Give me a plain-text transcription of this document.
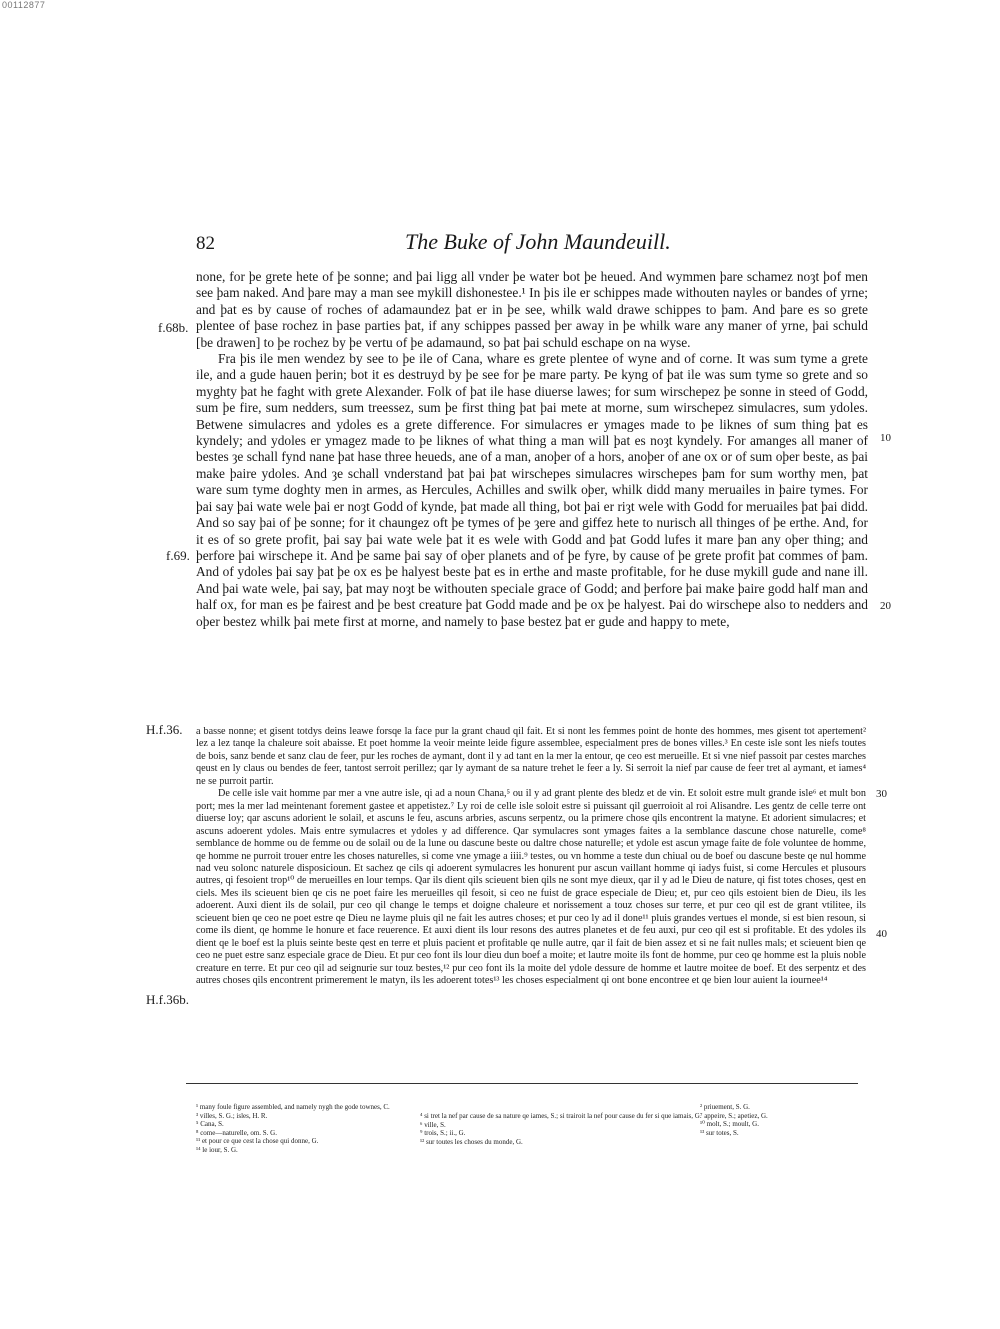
00112877
82	The Buke of John Maundeuill.

none, for þe grete hete of þe sonne; and þai ligg all vnder þe water bot þe heued. And wymmen þare schamez noȝt þof men see þam naked. And þare may a man see mykill dishonestee.¹ In þis ile er schippes made withouten nayles or bandes of yrne; and þat es by cause of roches of adamaundez þat er in þe see, whilk wald drawe schippes to þam. And þare es so grete plentee of þase rochez in þase parties þat, if any schippes passed þer away in þe whilk ware any maner of yrne, þai schuld [be drawen] to þe rochez by þe vertu of þe adamaund, so þat þai schuld eschape on na wyse.

Fra þis ile men wendez by see to þe ile of Cana, whare es grete plentee of wyne and of corne. It was sum tyme a grete ile, and a gude hauen þerin; bot it es destruyd by þe see for þe mare party. Þe kyng of þat ile was sum tyme so grete and so myghty þat he faght with grete Alexander. Folk of þat ile hase diuerse lawes; for sum wirschepez þe sonne in steed of Godd, sum þe fire, sum nedders, sum treessez, sum þe first thing þat þai mete at morne, sum wirschepez simulacres, sum ydoles. Betwene simulacres and ydoles es a grete difference. For simulacres er ymages made to þe liknes of sum thing þat es kyndely; and ydoles er ymagez made to þe liknes of what thing a man will þat es noȝt kyndely. For amanges all maner of bestes ȝe schall fynd nane þat hase three heueds, ane of a man, anoþer of a hors, anoþer of ane ox or of sum oþer beste, as þai make þaire ydoles. And ȝe schall vnderstand þat þai þat wirschepes simulacres wirschepes þam for sum worthy men, þat ware sum tyme doghty men in armes, as Hercules, Achilles and swilk oþer, whilk didd many meruailes in þaire tymes. For þai say þai wate wele þai er noȝt Godd of kynde, þat made all thing, bot þai er riȝt wele with Godd for meruailes þat þai didd. And so say þai of þe sonne; for it chaungez oft þe tymes of þe ȝere and giffez hete to nurisch all thinges of þe erthe. And, for it es of so grete profit, þai say þai wate wele þat it es wele with Godd and þat Godd lufes it mare þan any oþer thing; and þerfore þai wirschepe it. And þe same þai say of oþer planets and of þe fyre, by cause of þe grete profit þat commes of þam. And of ydoles þai say þat þe ox es þe halyest beste þat es in erthe and maste profitable, for he duse mykill gude and nane ill. And þai wate wele, þai say, þat may noȝt be withouten speciale grace of Godd; and þerfore þai make þaire godd half man and half ox, for man es þe fairest and þe best creature þat Godd made and þe ox þe halyest. Þai do wirschepe also to nedders and oþer bestez whilk þai mete first at morne, and namely to þase bestez þat er gude and happy to mete,

f.68b.
f.69.
10
20

a basse nonne; et gisent totdys deins leawe forsqe la face pur la grant chaud qil fait. Et si nont les femmes point de honte des hommes, mes gisent tot apertement² lez a lez tanqe la chaleure soit abaisse. Et poet homme la veoir meinte leide figure assemblee, especialment pres de bones villes.³ En ceste isle sont les niefs toutes de bois, sanz bende et sanz clau de feer, pur les roches de aymant, dont il y ad tant en la mer la entour, qe ceo est merueille. Et si vne nief passoit par cestes marches qeust en ly claus ou bendes de feer, tantost serroit perillez; qar ly aymant de sa nature trehet le feer a ly. Si serroit la nief par cause de feer tret al aymant, et iames⁴ ne se purroit partir.

De celle isle vait homme par mer a vne autre isle, qi ad a noun Chana,⁵ ou il y ad grant plente des bledz et de vin. Et soloit estre mult grande isle⁶ et mult bon port; mes la mer lad meintenant forement gastee et appetistez.⁷ Ly roi de celle isle soloit estre si puissant qil guerroioit al roi Alisandre. Les gentz de celle terre ont diuerse loy; qar ascuns adorient le solail, et ascuns le feu, ascuns arbries, ascuns serpentz, ou la primere chose qils encontrent la matyne. Et adorient simulacres; et ascuns adoerent ydoles. Mais entre symulacres et ydoles y ad difference. Qar symulacres sont ymages faites a la semblance dascune chose naturelle, come⁸ semblance de homme ou de femme ou de solail ou de la lune ou dascune beste ou daltre chose naturelle; et ydole est ascun ymage faite de fole voluntee de homme, qe homme ne purroit trouer entre les choses naturelles, si come vne ymage a iiii.⁹ testes, ou vn homme a teste dun chiual ou de boef ou dascune beste qe nul homme nad veu solonc naturele disposicioun. Et sachez qe cils qi adoerent symulacres les honurent pur ascun vaillant homme qi iadys fuist, si come Hercules et plusours autres, qi fesoient trop¹⁰ de merueilles en lour temps. Qar ils dient qils scieuent bien qils ne sont mye dieux, qar il y ad le Dieu de nature, qi fist totes choses, qest en ciels. Mes ils scieuent bien qe cis ne poet faire les merueilles qil fesoit, si ceo ne fuist de grace especiale de Dieu; et, pur ceo qils estoient bien de Dieu, ils les adoerent. Auxi dient ils de solail, pur ceo qil change le temps et doigne chaleure et norissement a touz choses sur terre, et pur ceo qil est de grant vtilitee, ils scieuent bien qe ceo ne poet estre qe Dieu ne layme pluis qil ne fait les autres choses; et pur ceo ly ad il done¹¹ pluis grandes vertues el monde, si est bien resoun, si come ils dient, qe homme le honure et face reuerence. Et auxi dient ils lour resons des autres planetes et de feu auxi, pur ceo qil est si profitable. Et des ydoles ils dient qe le boef est la pluis seinte beste qest en terre et pluis pacient et profitable qe nulle autre, qar il fait de bien assez et si ne fait nulles mals; et scieuent bien qe ceo ne puet estre sanz especiale grace de Dieu. Et pur ceo font ils lour dieu dun boef a moite; et lautre moite ils font de homme, pur ceo qe homme est la pluis noble creature en terre. Et pur ceo qil ad seignurie sur touz bestes,¹² pur ceo font ils la moite del ydole dessure de homme et lautre moitee de boef. Et des serpentz et des autres choses qils encontrent primerement le matyn, ils les adoerent totes¹³ les choses especialment qi ont bone encontree et qe bien lour auient la iournee¹⁴

H.f.36.
H.f.36b.
30
40
¹ many foule figure assembled, and namely nygh the gode townes, C.
³ villes, S. G.; isles, H. R.
⁵ Cana, S.
⁸ come—naturelle, om. S. G.
¹¹ et pour ce que cest la chose qui donne, G.
¹⁴ le iour, S. G.
⁴ si tret la nef par cause de sa nature qe iames, S.; si trairoit la nef pour cause du fer si que iamais, G.
⁶ ville, S.
⁹ trois, S.; ii., G.
¹² sur toutes les choses du monde, G.
² priuement, S. G.
⁷ appeire, S.; apetiez, G.
¹⁰ molt, S.; moult, G.
¹³ sur totes, S.
